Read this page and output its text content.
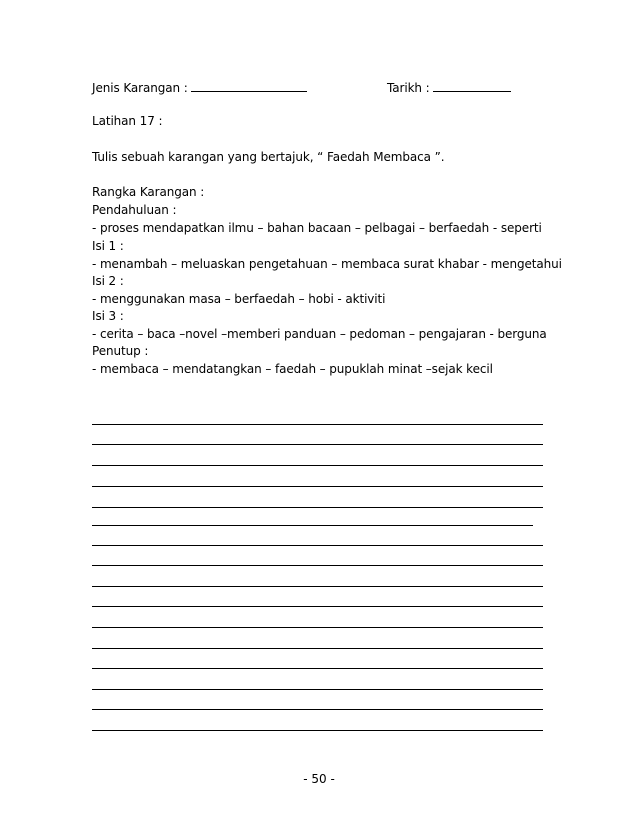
Jenis Karangan :	Tarikh :
Latihan 17 :
Tulis sebuah karangan yang bertajuk, “ Faedah Membaca ”.
Rangka Karangan :
Pendahuluan :
- proses mendapatkan ilmu – bahan bacaan – pelbagai – berfaedah - seperti
Isi 1 :
- menambah – meluaskan pengetahuan – membaca surat khabar - mengetahui
Isi 2 :
- menggunakan masa – berfaedah – hobi - aktiviti
Isi 3 :
- cerita – baca –novel –memberi panduan – pedoman – pengajaran - berguna
Penutup :
- membaca – mendatangkan – faedah – pupuklah minat –sejak kecil
- 50 -
